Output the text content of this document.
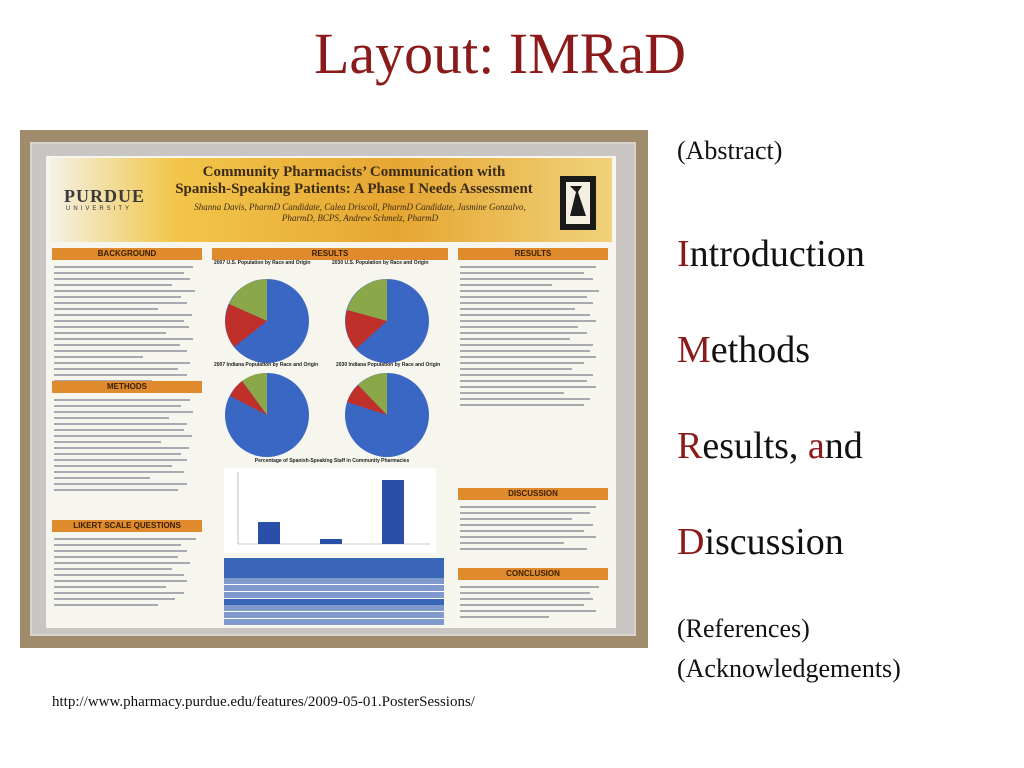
Layout: IMRaD
PURDUE
UNIVERSITY
Community Pharmacists’ Communication with Spanish-Speaking Patients: A Phase I Needs Assessment
Shanna Davis, PharmD Candidate, Calea Driscoll, PharmD Candidate, Jasmine Gonzalvo, PharmD, BCPS, Andrew Schmelz, PharmD
BACKGROUND
METHODS
LIKERT SCALE QUESTIONS
RESULTS
2007 U.S. Population by Race and Origin	2030 U.S. Population by Race and Origin
2007 Indiana Population by Race and Origin	2030 Indiana Population by Race and Origin
Percentage of Spanish-Speaking Staff in Community Pharmacies
RESULTS
DISCUSSION
CONCLUSION
(Abstract)
Introduction
Methods
Results, and
Discussion
(References)
(Acknowledgements)
http://www.pharmacy.purdue.edu/features/2009-05-01.PosterSessions/
